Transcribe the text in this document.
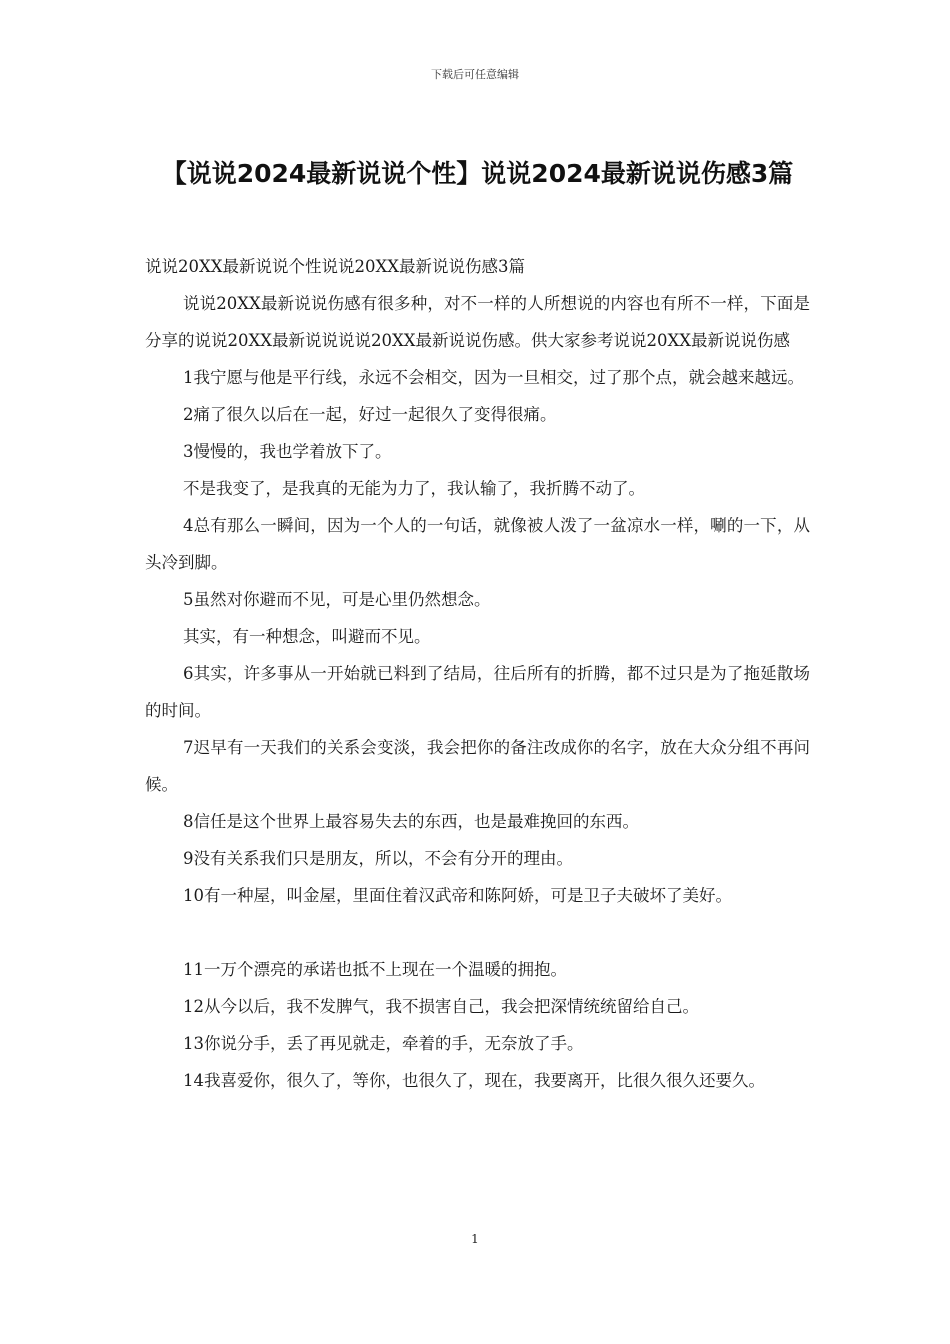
下载后可任意编辑
【说说2024最新说说个性】说说2024最新说说伤感3篇

说说20XX最新说说个性说说20XX最新说说伤感3篇

说说20XX最新说说伤感有很多种，对不一样的人所想说的内容也有所不一样，下面是分享的说说20XX最新说说说说20XX最新说说伤感。供大家参考说说20XX最新说说伤感

1我宁愿与他是平行线，永远不会相交，因为一旦相交，过了那个点，就会越来越远。

2痛了很久以后在一起，好过一起很久了变得很痛。

3慢慢的，我也学着放下了。

不是我变了，是我真的无能为力了，我认输了，我折腾不动了。

4总有那么一瞬间，因为一个人的一句话，就像被人泼了一盆凉水一样，唰的一下，从头冷到脚。

5虽然对你避而不见，可是心里仍然想念。

其实，有一种想念，叫避而不见。

6其实，许多事从一开始就已料到了结局，往后所有的折腾，都不过只是为了拖延散场的时间。

7迟早有一天我们的关系会变淡，我会把你的备注改成你的名字，放在大众分组不再问候。

8信任是这个世界上最容易失去的东西，也是最难挽回的东西。

9没有关系我们只是朋友，所以，不会有分开的理由。

10有一种屋，叫金屋，里面住着汉武帝和陈阿娇，可是卫子夫破坏了美好。

11一万个漂亮的承诺也抵不上现在一个温暖的拥抱。

12从今以后，我不发脾气，我不损害自己，我会把深情统统留给自己。

13你说分手，丢了再见就走，牵着的手，无奈放了手。

14我喜爱你，很久了，等你，也很久了，现在，我要离开，比很久很久还要久。

1
